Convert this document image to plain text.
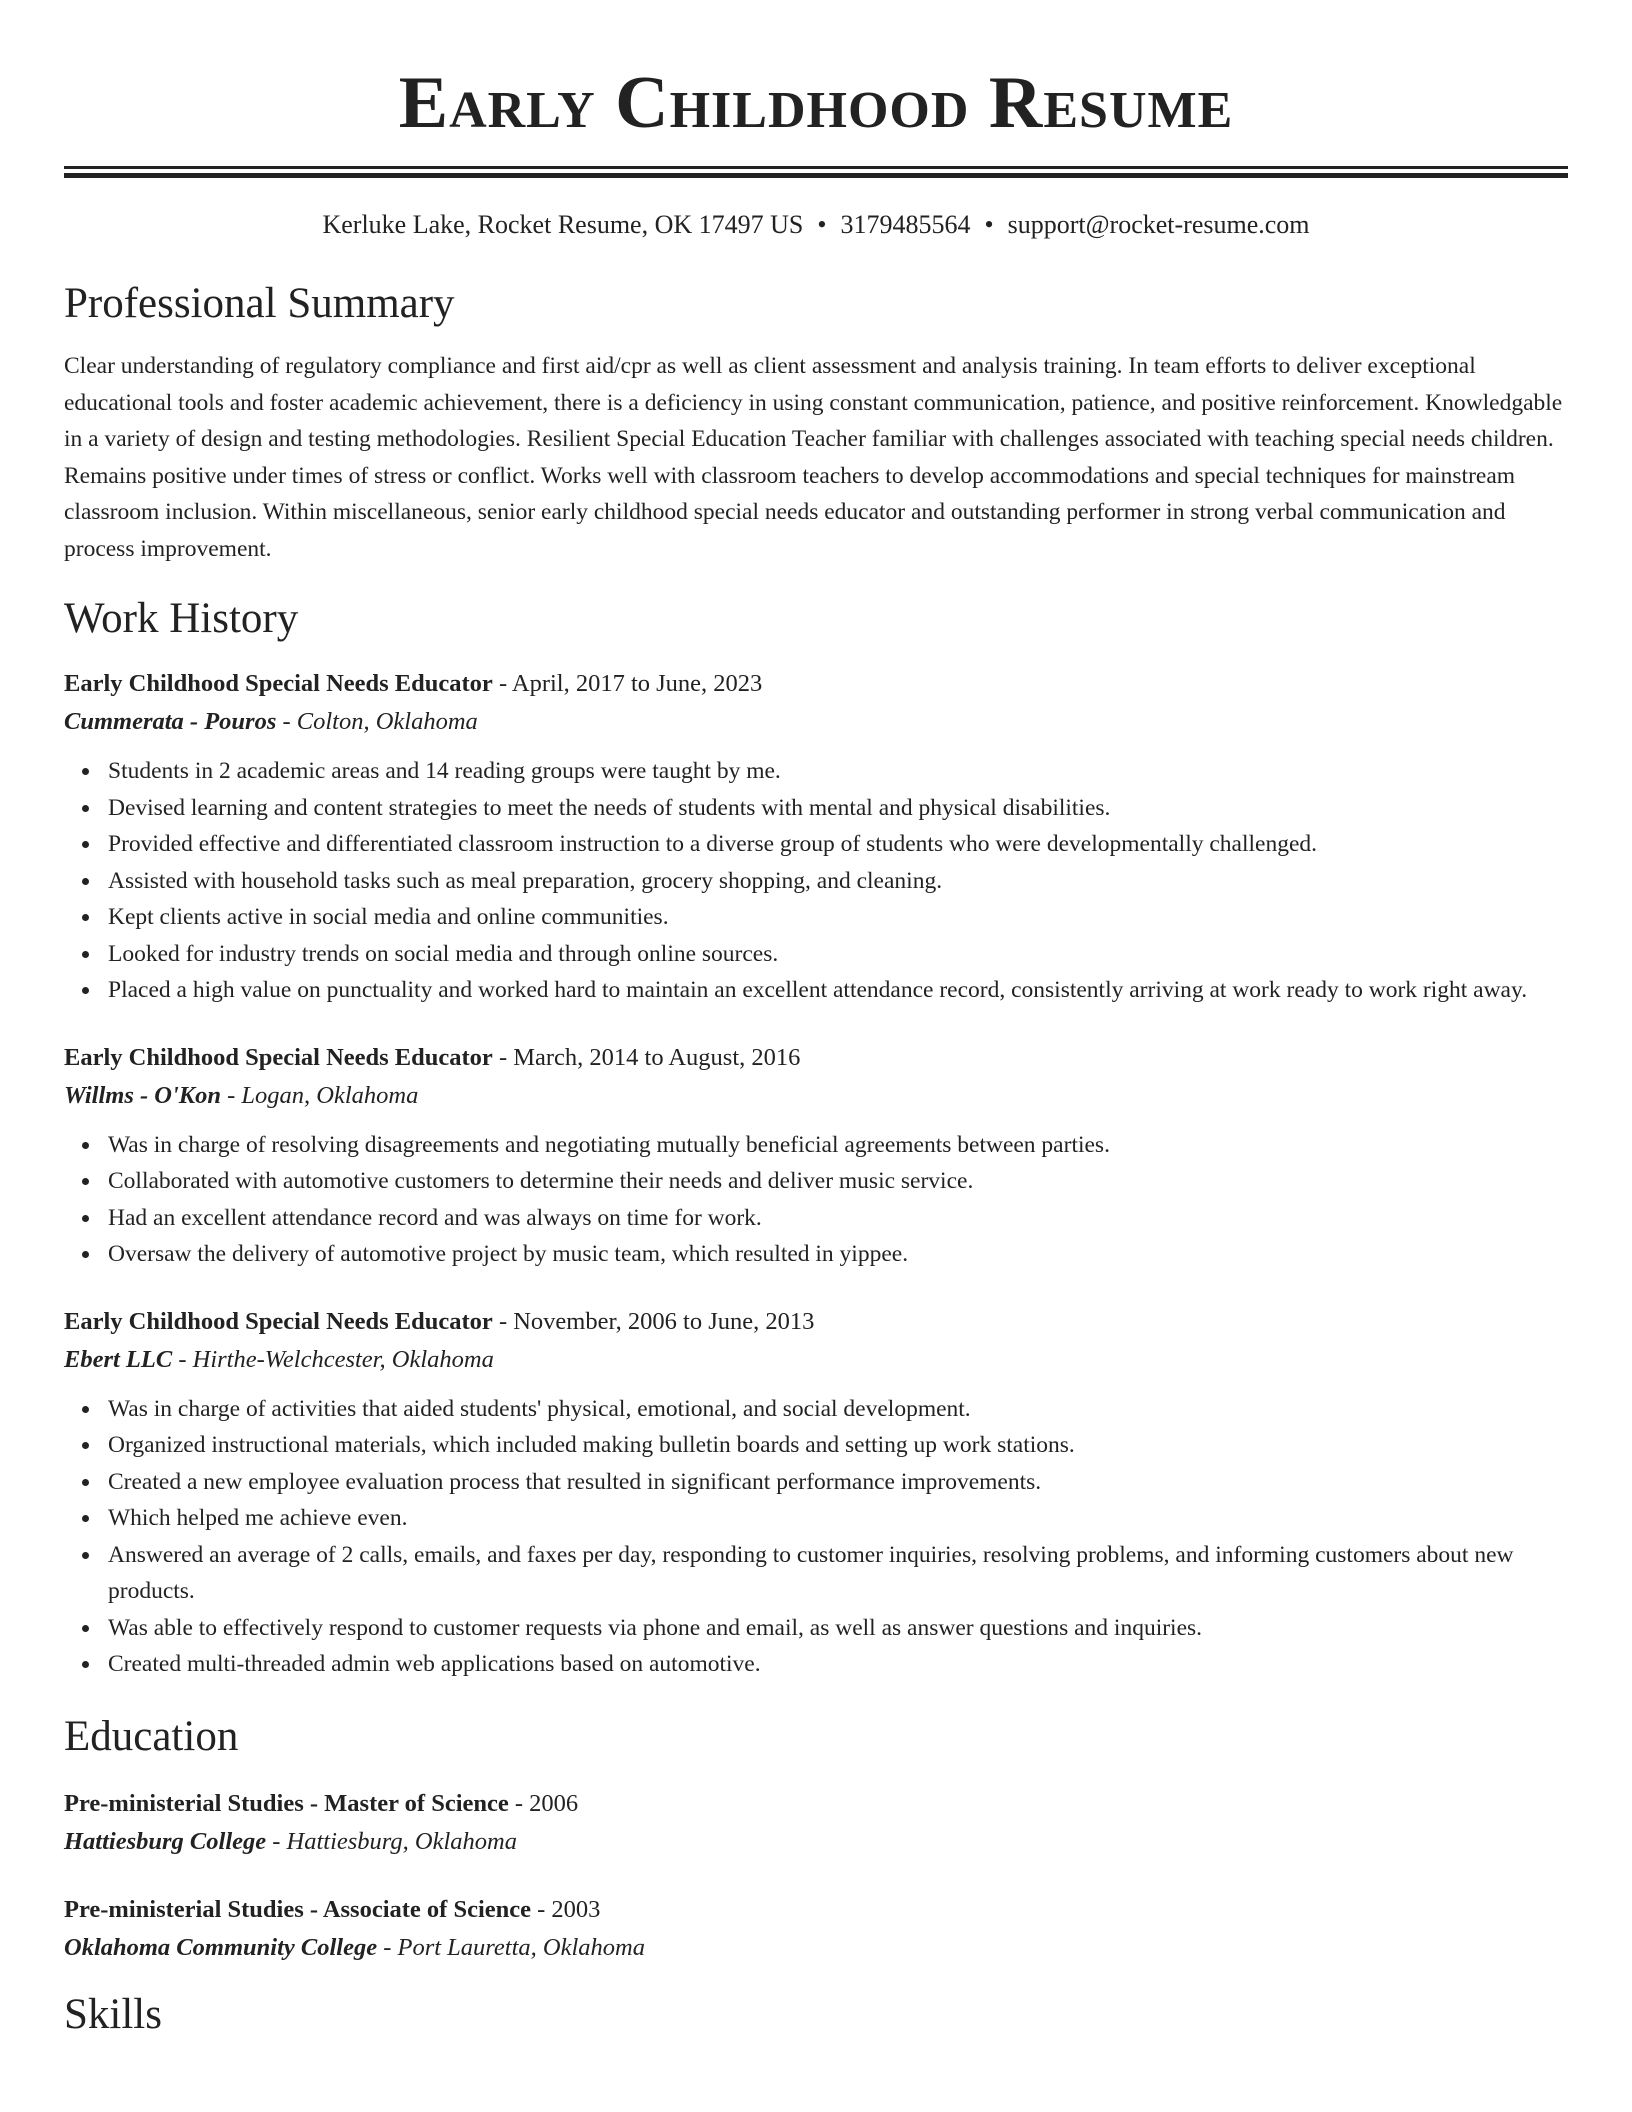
Early Childhood Resume
Kerluke Lake, Rocket Resume, OK 17497 US • 3179485564 • support@rocket-resume.com
Professional Summary

Clear understanding of regulatory compliance and first aid/cpr as well as client assessment and analysis training. In team efforts to deliver exceptional educational tools and foster academic achievement, there is a deficiency in using constant communication, patience, and positive reinforcement. Knowledgable in a variety of design and testing methodologies. Resilient Special Education Teacher familiar with challenges associated with teaching special needs children. Remains positive under times of stress or conflict. Works well with classroom teachers to develop accommodations and special techniques for mainstream classroom inclusion. Within miscellaneous, senior early childhood special needs educator and outstanding performer in strong verbal communication and process improvement.

Work History
Early Childhood Special Needs Educator - April, 2017 to June, 2023
Cummerata - Pouros - Colton, Oklahoma
Students in 2 academic areas and 14 reading groups were taught by me.
Devised learning and content strategies to meet the needs of students with mental and physical disabilities.
Provided effective and differentiated classroom instruction to a diverse group of students who were developmentally challenged.
Assisted with household tasks such as meal preparation, grocery shopping, and cleaning.
Kept clients active in social media and online communities.
Looked for industry trends on social media and through online sources.
Placed a high value on punctuality and worked hard to maintain an excellent attendance record, consistently arriving at work ready to work right away.
Early Childhood Special Needs Educator - March, 2014 to August, 2016
Willms - O'Kon - Logan, Oklahoma
Was in charge of resolving disagreements and negotiating mutually beneficial agreements between parties.
Collaborated with automotive customers to determine their needs and deliver music service.
Had an excellent attendance record and was always on time for work.
Oversaw the delivery of automotive project by music team, which resulted in yippee.
Early Childhood Special Needs Educator - November, 2006 to June, 2013
Ebert LLC - Hirthe-Welchcester, Oklahoma
Was in charge of activities that aided students' physical, emotional, and social development.
Organized instructional materials, which included making bulletin boards and setting up work stations.
Created a new employee evaluation process that resulted in significant performance improvements.
Which helped me achieve even.
Answered an average of 2 calls, emails, and faxes per day, responding to customer inquiries, resolving problems, and informing customers about new products.
Was able to effectively respond to customer requests via phone and email, as well as answer questions and inquiries.
Created multi-threaded admin web applications based on automotive.
Education
Pre-ministerial Studies - Master of Science - 2006
Hattiesburg College - Hattiesburg, Oklahoma
Pre-ministerial Studies - Associate of Science - 2003
Oklahoma Community College - Port Lauretta, Oklahoma
Skills
